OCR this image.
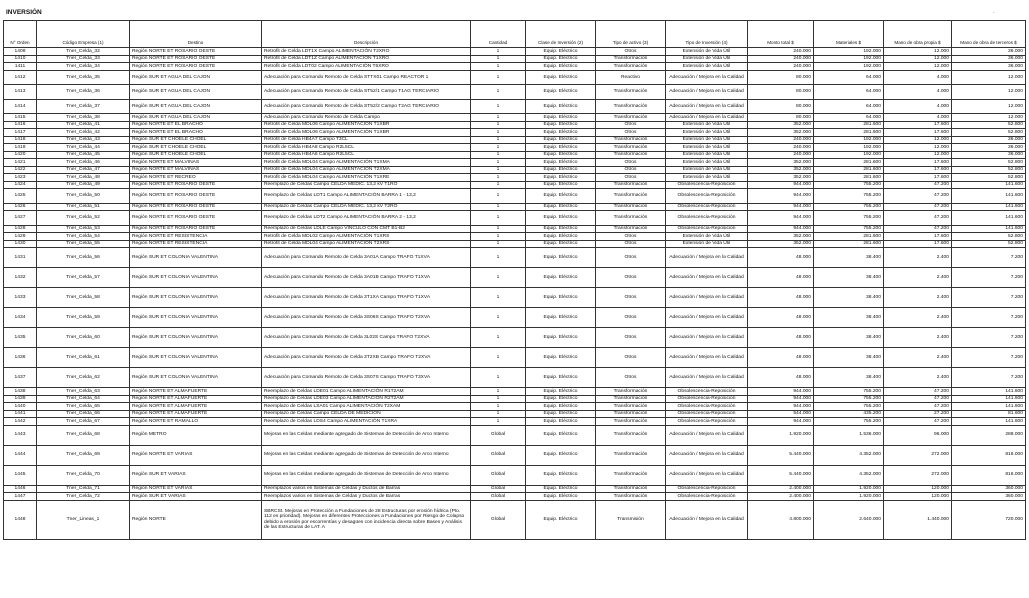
INVERSIÓN	·
N° Orden	Código Empresa (1)	Destino	Descripción	Cantidad	Clase de Inversión (2)	Tipo de activo (3)	Tipo de Inversión (4)	Monto total $	Materiales $	Mano de obra propia $	Mano de obra de terceros $
1409	Tner_Celda_32	Región NORTE ET ROSARIO OESTE	Retrofit de Celda LDT1X Campo ALIMENTACIÓN T2XRO	1	Equip. Eléctrico	Otros	Extensión de Vida Útil	240.000	192.000	12.000	36.000
1410	Tner_Celda_33	Región NORTE ET ROSARIO OESTE	Retrofit de Celda LDT1Z Campo ALIMENTACIÓN T1XRO	1	Equip. Eléctrico	Transformación	Extensión de Vida Útil	240.000	192.000	12.000	36.000
1411	Tner_Celda_34	Región NORTE ET ROSARIO OESTE	Retrofit de Celda LDT02 Campo ALIMENTACIÓN T6XRO	1	Equip. Eléctrico	Transformación	Extensión de Vida Útil	240.000	192.000	12.000	36.000
1412	Tner_Celda_35	Región SUR ET AGUA DEL CAJON	Adecuación para Comando Remoto de Celda STTX01 Campo REACTOR 1	1	Equip. Eléctrico	Reactivo	Adecuación / Mejora en la Calidad	80.000	64.000	4.000	12.000
1413	Tner_Celda_36	Región SUR ET AGUA DEL CAJON	Adecuación para Comando Remoto de Celda ST52/1 Campo T1AG TERCIARIO	1	Equip. Eléctrico	Transformación	Adecuación / Mejora en la Calidad	80.000	64.000	4.000	12.000
1414	Tner_Celda_37	Región SUR ET AGUA DEL CAJON	Adecuación para Comando Remoto de Celda ST52/2 Campo T2AG TERCIARIO	1	Equip. Eléctrico	Transformación	Adecuación / Mejora en la Calidad	80.000	64.000	4.000	12.000
1415	Tner_Celda_38	Región SUR ET AGUA DEL CAJON	Adecuación para Comando Remoto de Celda Campo	1	Equip. Eléctrico	Transformación	Adecuación / Mejora en la Calidad	80.000	64.000	4.000	12.000
1416	Tner_Celda_41	Región NORTE ET EL BRACHO	Retrofit de Celda MDL06 Campo ALIMENTACIÓN T1XBR	1	Equip. Eléctrico	Otros	Extensión de Vida Útil	352.000	281.600	17.600	52.800
1417	Tner_Celda_42	Región NORTE ET EL BRACHO	Retrofit de Celda MDL06 Campo ALIMENTACIÓN T1XBR	1	Equip. Eléctrico	Otros	Extensión de Vida Útil	352.000	281.600	17.600	52.800
1418	Tner_Celda_43	Región SUR ET CHOELE CHOEL	Retrofit de Celda HB4A7 Campo T3CL	1	Equip. Eléctrico	Transformación	Extensión de Vida Útil	240.000	192.000	12.000	36.000
1419	Tner_Celda_44	Región SUR ET CHOELE CHOEL	Retrofit de Celda HB4A8 Campo R2L5CL	1	Equip. Eléctrico	Transformación	Extensión de Vida Útil	240.000	192.000	12.000	36.000
1420	Tner_Celda_45	Región SUR ET CHOELE CHOEL	Retrofit de Celda HB4A6 Campo R2L5CL	1	Equip. Eléctrico	Transformación	Extensión de Vida Útil	240.000	192.000	12.000	36.000
1421	Tner_Celda_46	Región NORTE ET MALVINAS	Retrofit de Celda MDL04 Campo ALIMENTACIÓN T1XMA	1	Equip. Eléctrico	Otros	Extensión de Vida Útil	352.000	281.600	17.600	52.800
1422	Tner_Celda_47	Región NORTE ET MALVINAS	Retrofit de Celda MDL04 Campo ALIMENTACIÓN T2XMA	1	Equip. Eléctrico	Otros	Extensión de Vida Útil	352.000	281.600	17.600	52.800
1423	Tner_Celda_48	Región NORTE ET RECREO	Retrofit de Celda MDL04 Campo ALIMENTACIÓN T1XRE	1	Equip. Eléctrico	Otros	Extensión de Vida Útil	352.000	281.600	17.600	52.800
1424	Tner_Celda_49	Región NORTE ET ROSARIO OESTE	Reemplazo de Celdas Campo CELDA MEDIC. 13,2 kV T1RO	1	Equip. Eléctrico	Transformación	Obsolescencia-Reposición	944.000	755.200	47.200	141.600
1425	Tner_Celda_50	Región NORTE ET ROSARIO OESTE	Reemplazo de Celdas LDT1 Campo ALIMENTACIÓN BARRA 1 - 13,2	1	Equip. Eléctrico	Transformación	Obsolescencia-Reposición	944.000	755.200	47.200	141.600
1426	Tner_Celda_51	Región NORTE ET ROSARIO OESTE	Reemplazo de Celdas Campo CELDA MEDIC. 13,2 kV T2RO	1	Equip. Eléctrico	Transformación	Obsolescencia-Reposición	944.000	755.200	47.200	141.600
1427	Tner_Celda_52	Región NORTE ET ROSARIO OESTE	Reemplazo de Celdas LDT2 Campo ALIMENTACIÓN BARRA 2 - 13,2	1	Equip. Eléctrico	Transformación	Obsolescencia-Reposición	944.000	755.200	47.200	141.600
1428	Tner_Celda_53	Región NORTE ET ROSARIO OESTE	Reemplazo de Celdas LDLE Campo VÍNCULO CON CMT B1-B2	1	Equip. Eléctrico	Transformación	Obsolescencia-Reposición	944.000	755.200	47.200	141.600
1429	Tner_Celda_54	Región NORTE ET RESISTENCIA	Retrofit de Celda MDL02 Campo ALIMENTACIÓN T1XRS	1	Equip. Eléctrico	Otros	Extensión de Vida Útil	352.000	281.600	17.600	52.800
1430	Tner_Celda_55	Región NORTE ET RESISTENCIA	Retrofit de Celda MDL04 Campo ALIMENTACIÓN T2XRS	1	Equip. Eléctrico	Otros	Extensión de Vida Útil	352.000	281.600	17.600	52.800
1431	Tner_Celda_56	Región SUR ET COLONIA VALENTINA	Adecuación para Comando Remoto de Celda 3A01A Campo TRAFO T1XVA	1	Equip. Eléctrico	Otros	Adecuación / Mejora en la Calidad	48.000	38.400	2.400	7.200
1432	Tner_Celda_57	Región SUR ET COLONIA VALENTINA	Adecuación para Comando Remoto de Celda 3A01B Campo TRAFO T1XVA	1	Equip. Eléctrico	Otros	Adecuación / Mejora en la Calidad	48.000	38.400	2.400	7.200
1433	Tner_Celda_58	Región SUR ET COLONIA VALENTINA	Adecuación para Comando Remoto de Celda 3T1XA Campo TRAFO T1XVA	1	Equip. Eléctrico	Otros	Adecuación / Mejora en la Calidad	48.000	38.400	2.400	7.200
1434	Tner_Celda_59	Región SUR ET COLONIA VALENTINA	Adecuación para Comando Remoto de Celda 3S06S Campo TRAFO T2XVA	1	Equip. Eléctrico	Otros	Adecuación / Mejora en la Calidad	48.000	38.400	2.400	7.200
1435	Tner_Celda_60	Región SUR ET COLONIA VALENTINA	Adecuación para Comando Remoto de Celda 3L02S Campo TRAFO T2XVA	1	Equip. Eléctrico	Otros	Adecuación / Mejora en la Calidad	48.000	38.400	2.400	7.200
1436	Tner_Celda_61	Región SUR ET COLONIA VALENTINA	Adecuación para Comando Remoto de Celda 3T2XB Campo TRAFO T2XVA	1	Equip. Eléctrico	Otros	Adecuación / Mejora en la Calidad	48.000	38.400	2.400	7.200
1437	Tner_Celda_62	Región SUR ET COLONIA VALENTINA	Adecuación para Comando Remoto de Celda 3S07S Campo TRAFO T3XVA	1	Equip. Eléctrico	Otros	Adecuación / Mejora en la Calidad	48.000	38.400	2.400	7.200
1438	Tner_Celda_63	Región NORTE ET ALMAFUERTE	Reemplazo de Celdas LDE01 Campo ALIMENTACIÓN R1T2AM	1	Equip. Eléctrico	Transformación	Obsolescencia-Reposición	944.000	755.200	47.200	141.600
1439	Tner_Celda_64	Región NORTE ET ALMAFUERTE	Reemplazo de Celdas LDE03 Campo ALIMENTACIÓN R2T2AM	1	Equip. Eléctrico	Transformación	Obsolescencia-Reposición	944.000	755.200	47.200	141.600
1440	Tner_Celda_65	Región NORTE ET ALMAFUERTE	Reemplazo de Celdas LSA01 Campo ALIMENTACIÓN T2XAM	1	Equip. Eléctrico	Transformación	Obsolescencia-Reposición	944.000	755.200	47.200	141.600
1441	Tner_Celda_66	Región NORTE ET ALMAFUERTE	Reemplazo de Celdas Campo CELDA DE MEDICIÓN	1	Equip. Eléctrico	Transformación	Obsolescencia-Reposición	544.000	435.200	27.200	81.600
1442	Tner_Celda_67	Región NORTE ET RAMALLO	Reemplazo de Celdas LDS4 Campo ALIMENTACIÓN T1XRA	1	Equip. Eléctrico	Transformación	Obsolescencia-Reposición	944.000	755.200	47.200	141.600
1443	Tner_Celda_68	Región METRO	Mejoras en las Celdas mediante agregado de Sistemas de Detección de Arco Interno	Global	Equip. Eléctrico	Transformación	Adecuación / Mejora en la Calidad	1.920.000	1.536.000	96.000	288.000
1444	Tner_Celda_69	Región NORTE ET VARIAS	Mejoras en las Celdas mediante agregado de Sistemas de Detección de Arco Interno	Global	Equip. Eléctrico	Transformación	Adecuación / Mejora en la Calidad	5.440.000	4.352.000	272.000	816.000
1445	Tner_Celda_70	Región SUR ET VARIAS	Mejoras en las Celdas mediante agregado de Sistemas de Detección de Arco Interno	Global	Equip. Eléctrico	Transformación	Adecuación / Mejora en la Calidad	5.440.000	4.352.000	272.000	816.000
1446	Tner_Celda_71	Región NORTE ET VARIAS	Reemplazos varios en Sistemas de Celdas y Ductos de Barras	Global	Equip. Eléctrico	Transformación	Obsolescencia-Reposición	2.400.000	1.920.000	120.000	360.000
1447	Tner_Celda_72	Región SUR ET VARIAS	Reemplazos varios en Sistemas de Celdas y Ductos de Barras	Global	Equip. Eléctrico	Transformación	Obsolescencia-Reposición	2.400.000	1.920.000	120.000	360.000
1448	Tner_Lineas_1	Región NORTE	SBRCSt. Mejoras en Protección a Fundaciones de 28 Estructuras por erosión hídrica (Pto. 112 es prioridad). Mejoras en diferentes Protecciones a Fundaciones por Riesgo de Colapso debido a erosión por escorrentías y desagües con incidencia directa sobre Bases y Análisis de las Estructuras de LAT. A	Global	Equip. Eléctrico	Transmisión	Adecuación / Mejora en la Calidad	4.800.000	2.640.000	1.440.000	720.000
